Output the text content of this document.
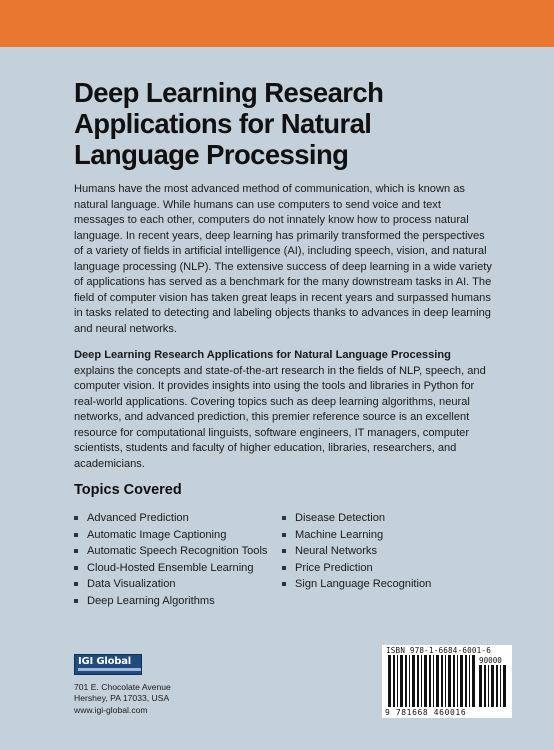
Deep Learning Research
Applications for Natural
Language Processing

Humans have the most advanced method of communication, which is known as natural language. While humans can use computers to send voice and text messages to each other, computers do not innately know how to process natural language. In recent years, deep learning has primarily transformed the perspectives of a variety of fields in artificial intelligence (AI), including speech, vision, and natural language processing (NLP). The extensive success of deep learning in a wide variety of applications has served as a benchmark for the many downstream tasks in AI. The field of computer vision has taken great leaps in recent years and surpassed humans in tasks related to detecting and labeling objects thanks to advances in deep learning and neural networks.

Deep Learning Research Applications for Natural Language Processing explains the concepts and state-of-the-art research in the fields of NLP, speech, and computer vision. It provides insights into using the tools and libraries in Python for real-world applications. Covering topics such as deep learning algorithms, neural networks, and advanced prediction, this premier reference source is an excellent resource for computational linguists, software engineers, IT managers, computer scientists, students and faculty of higher education, libraries, researchers, and academicians.

Topics Covered
Advanced Prediction
Automatic Image Captioning
Automatic Speech Recognition Tools
Cloud-Hosted Ensemble Learning
Data Visualization
Deep Learning Algorithms
Disease Detection
Machine Learning
Neural Networks
Price Prediction
Sign Language Recognition
IGI Global
701 E. Chocolate Avenue
Hershey, PA 17033, USA
www.igi-global.com
ISBN 978-1-6684-6001-6
90000
9 781668 460016
